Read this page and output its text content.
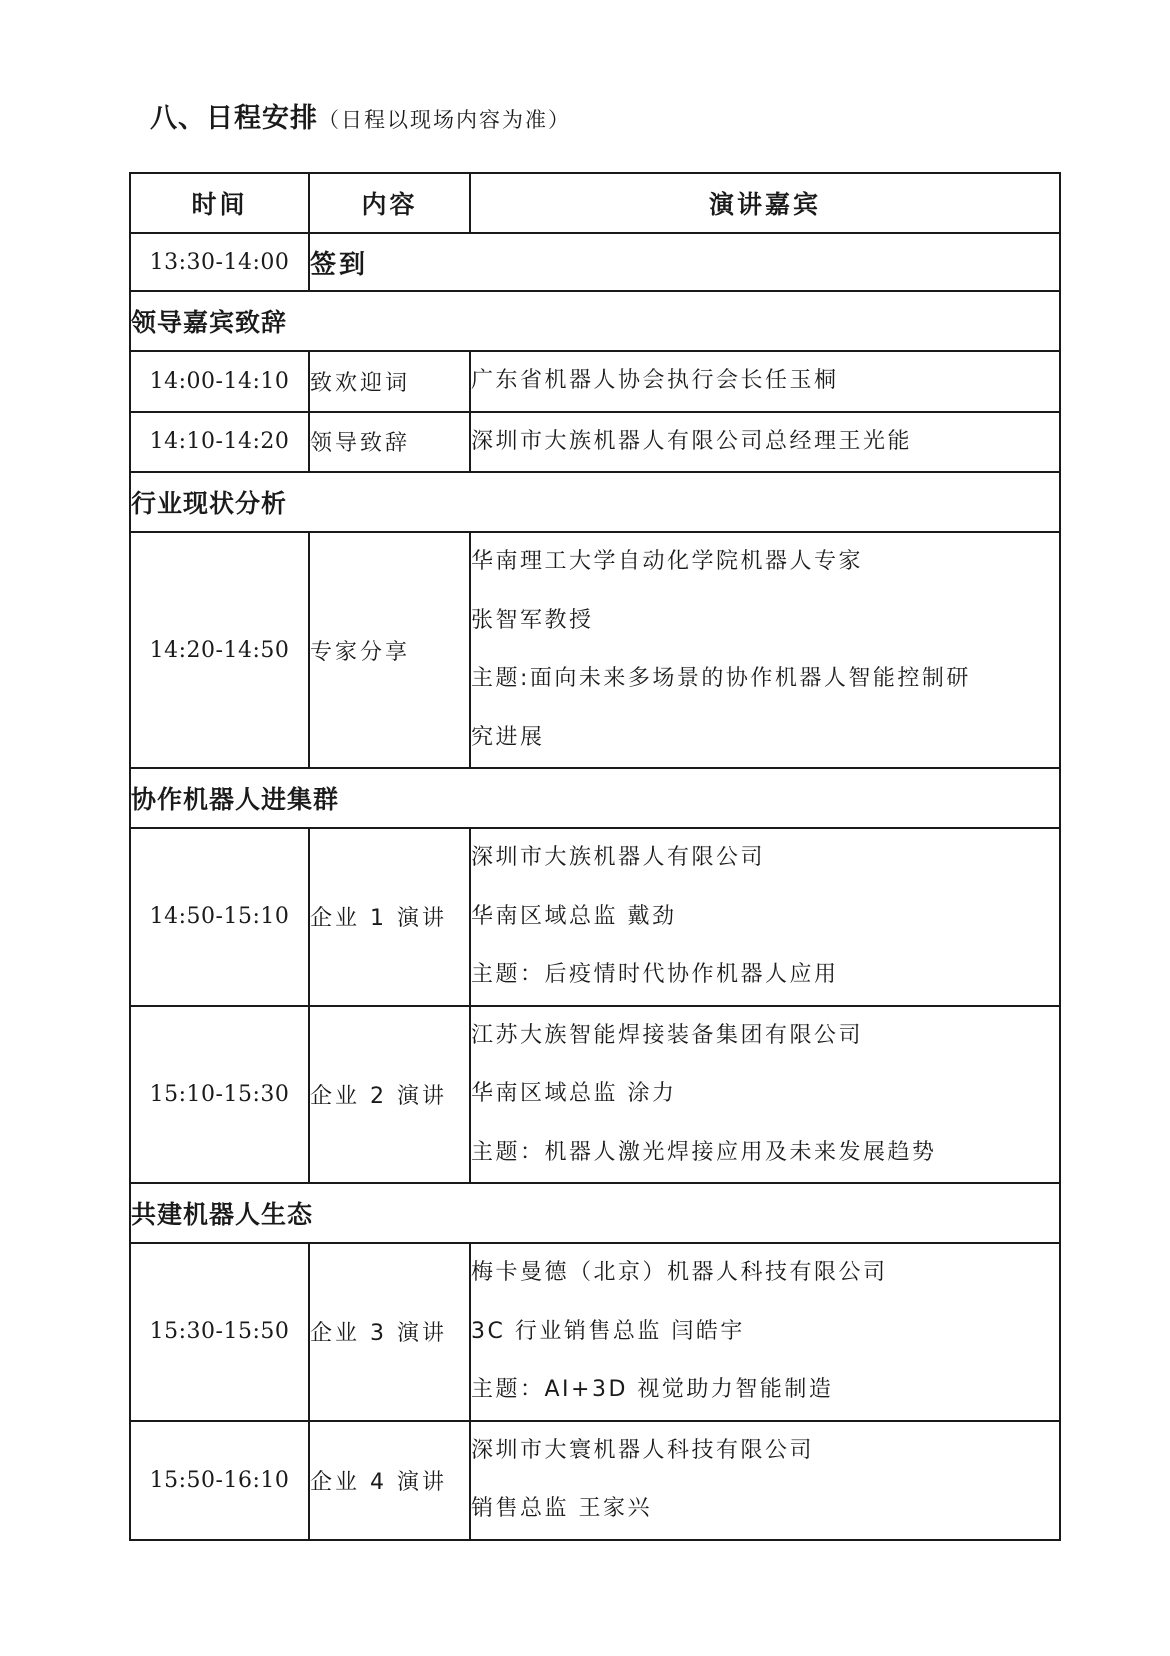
八、日程安排（日程以现场内容为准）
时间	内容	演讲嘉宾
13:30-14:00	签到	
领导嘉宾致辞		
14:00-14:10	致欢迎词	广东省机器人协会执行会长任玉桐

14:10-14:20	领导致辞	深圳市大族机器人有限公司总经理王光能

行业现状分析		
14:20-14:50	专家分享	华南理工大学自动化学院机器人专家
张智军教授
主题:面向未来多场景的协作机器人智能控制研
究进展

协作机器人进集群		
14:50-15:10	企业 1 演讲	深圳市大族机器人有限公司
华南区域总监 戴劲
主题：后疫情时代协作机器人应用

15:10-15:30	企业 2 演讲	江苏大族智能焊接装备集团有限公司
华南区域总监 涂力
主题：机器人激光焊接应用及未来发展趋势

共建机器人生态		
15:30-15:50	企业 3 演讲	梅卡曼德（北京）机器人科技有限公司
3C 行业销售总监 闫皓宇
主题：AI+3D 视觉助力智能制造

15:50-16:10	企业 4 演讲	深圳市大寰机器人科技有限公司
销售总监 王家兴
